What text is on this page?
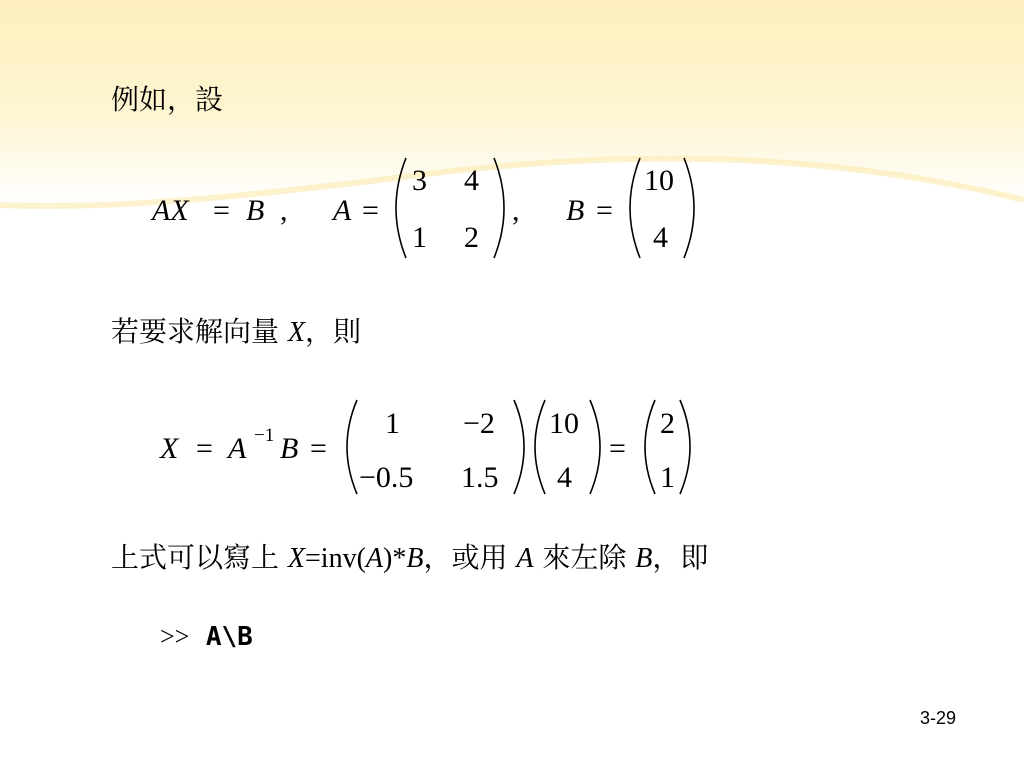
例如，設
AX = B , A =
3 4
1 2
, B =
10
4
若要求解向量 X，則
X = A −1 B =
1 −2
−0.5 1.5
10
4
=
2
1
上式可以寫上 X=inv(A)*B，或用 A 來左除 B，即
>> A\B
3-29
